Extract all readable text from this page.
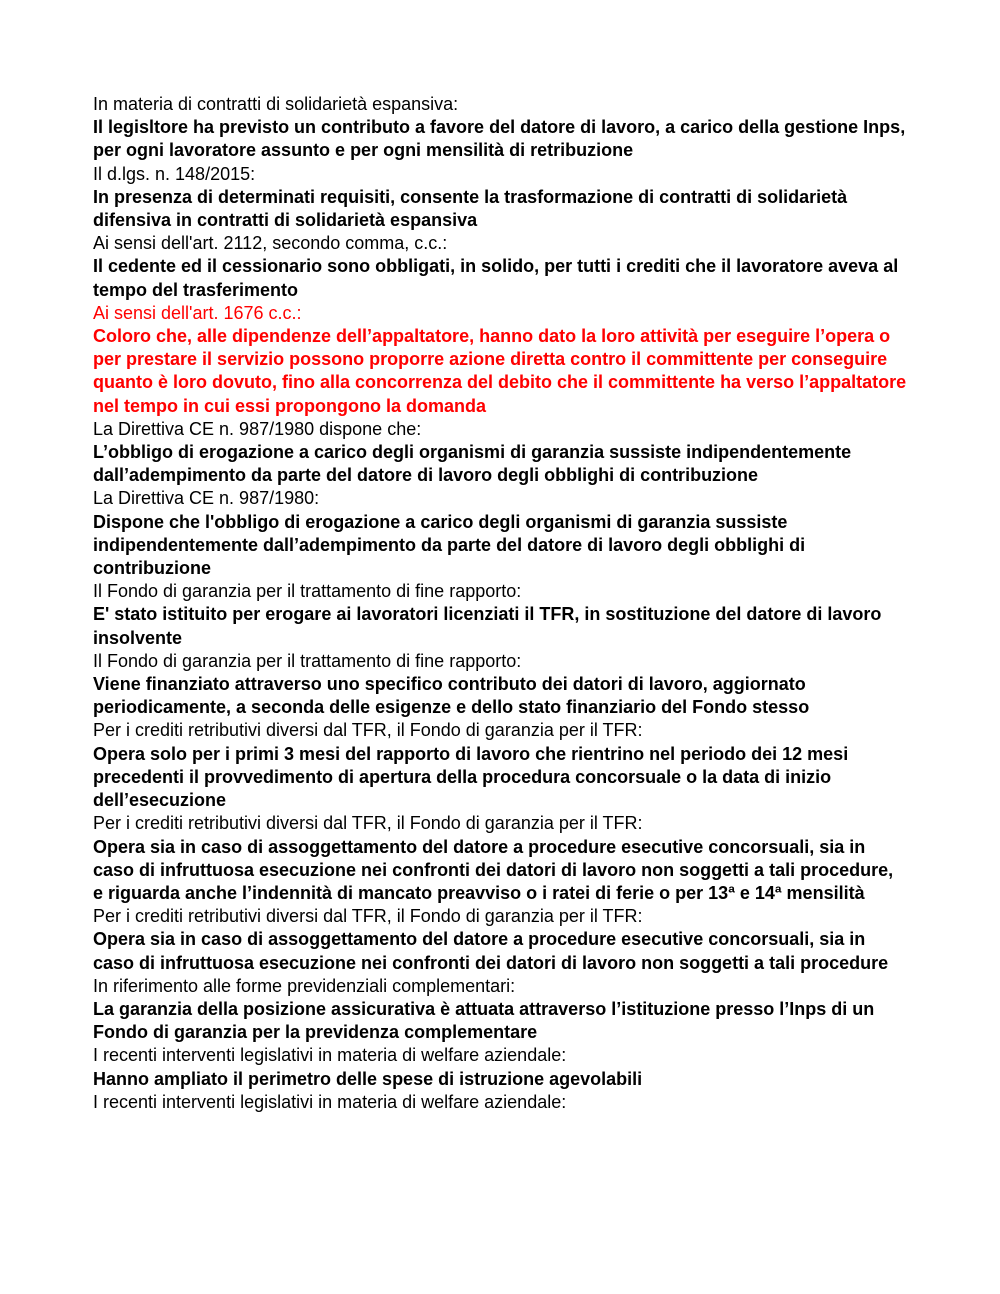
In materia di contratti di solidarietà espansiva:
Il legisltore ha previsto un contributo a favore del datore di lavoro, a carico della gestione Inps, per ogni lavoratore assunto e per ogni mensilità di retribuzione
Il d.lgs. n. 148/2015:
In presenza di determinati requisiti, consente la trasformazione di contratti di solidarietà difensiva in contratti di solidarietà espansiva
Ai sensi dell'art. 2112, secondo comma, c.c.:
Il cedente ed il cessionario sono obbligati, in solido, per tutti i crediti che il lavoratore aveva al tempo del trasferimento
Ai sensi dell'art. 1676 c.c.:
Coloro che, alle dipendenze dell’appaltatore, hanno dato la loro attività per eseguire l’opera o per prestare il servizio possono proporre azione diretta contro il committente per conseguire quanto è loro dovuto, fino alla concorrenza del debito che il committente ha verso l’appaltatore nel tempo in cui essi propongono la domanda
La Direttiva CE n. 987/1980 dispone che:
L’obbligo di erogazione a carico degli organismi di garanzia sussiste indipendentemente dall’adempimento da parte del datore di lavoro degli obblighi di contribuzione
La Direttiva CE n. 987/1980:
Dispone che l'obbligo di erogazione a carico degli organismi di garanzia sussiste indipendentemente dall’adempimento da parte del datore di lavoro degli obblighi di contribuzione
Il Fondo di garanzia per il trattamento di fine rapporto:
E' stato istituito per erogare ai lavoratori licenziati il TFR, in sostituzione del datore di lavoro insolvente
Il Fondo di garanzia per il trattamento di fine rapporto:
Viene finanziato attraverso uno specifico contributo dei datori di lavoro, aggiornato periodicamente, a seconda delle esigenze e dello stato finanziario del Fondo stesso
Per i crediti retributivi diversi dal TFR, il Fondo di garanzia per il TFR:
Opera solo per i primi 3 mesi del rapporto di lavoro che rientrino nel periodo dei 12 mesi precedenti il provvedimento di apertura della procedura concorsuale o la data di inizio dell’esecuzione
Per i crediti retributivi diversi dal TFR, il Fondo di garanzia per il TFR:
Opera sia in caso di assoggettamento del datore a procedure esecutive concorsuali, sia in caso di infruttuosa esecuzione nei confronti dei datori di lavoro non soggetti a tali procedure, e riguarda anche l’indennità di mancato preavviso o i ratei di ferie o per 13ª e 14ª mensilità
Per i crediti retributivi diversi dal TFR, il Fondo di garanzia per il TFR:
Opera sia in caso di assoggettamento del datore a procedure esecutive concorsuali, sia in caso di infruttuosa esecuzione nei confronti dei datori di lavoro non soggetti a tali procedure
In riferimento alle forme previdenziali complementari:
La garanzia della posizione assicurativa è attuata attraverso l’istituzione presso l’Inps di un Fondo di garanzia per la previdenza complementare
I recenti interventi legislativi in materia di welfare aziendale:
Hanno ampliato il perimetro delle spese di istruzione agevolabili
I recenti interventi legislativi in materia di welfare aziendale:
